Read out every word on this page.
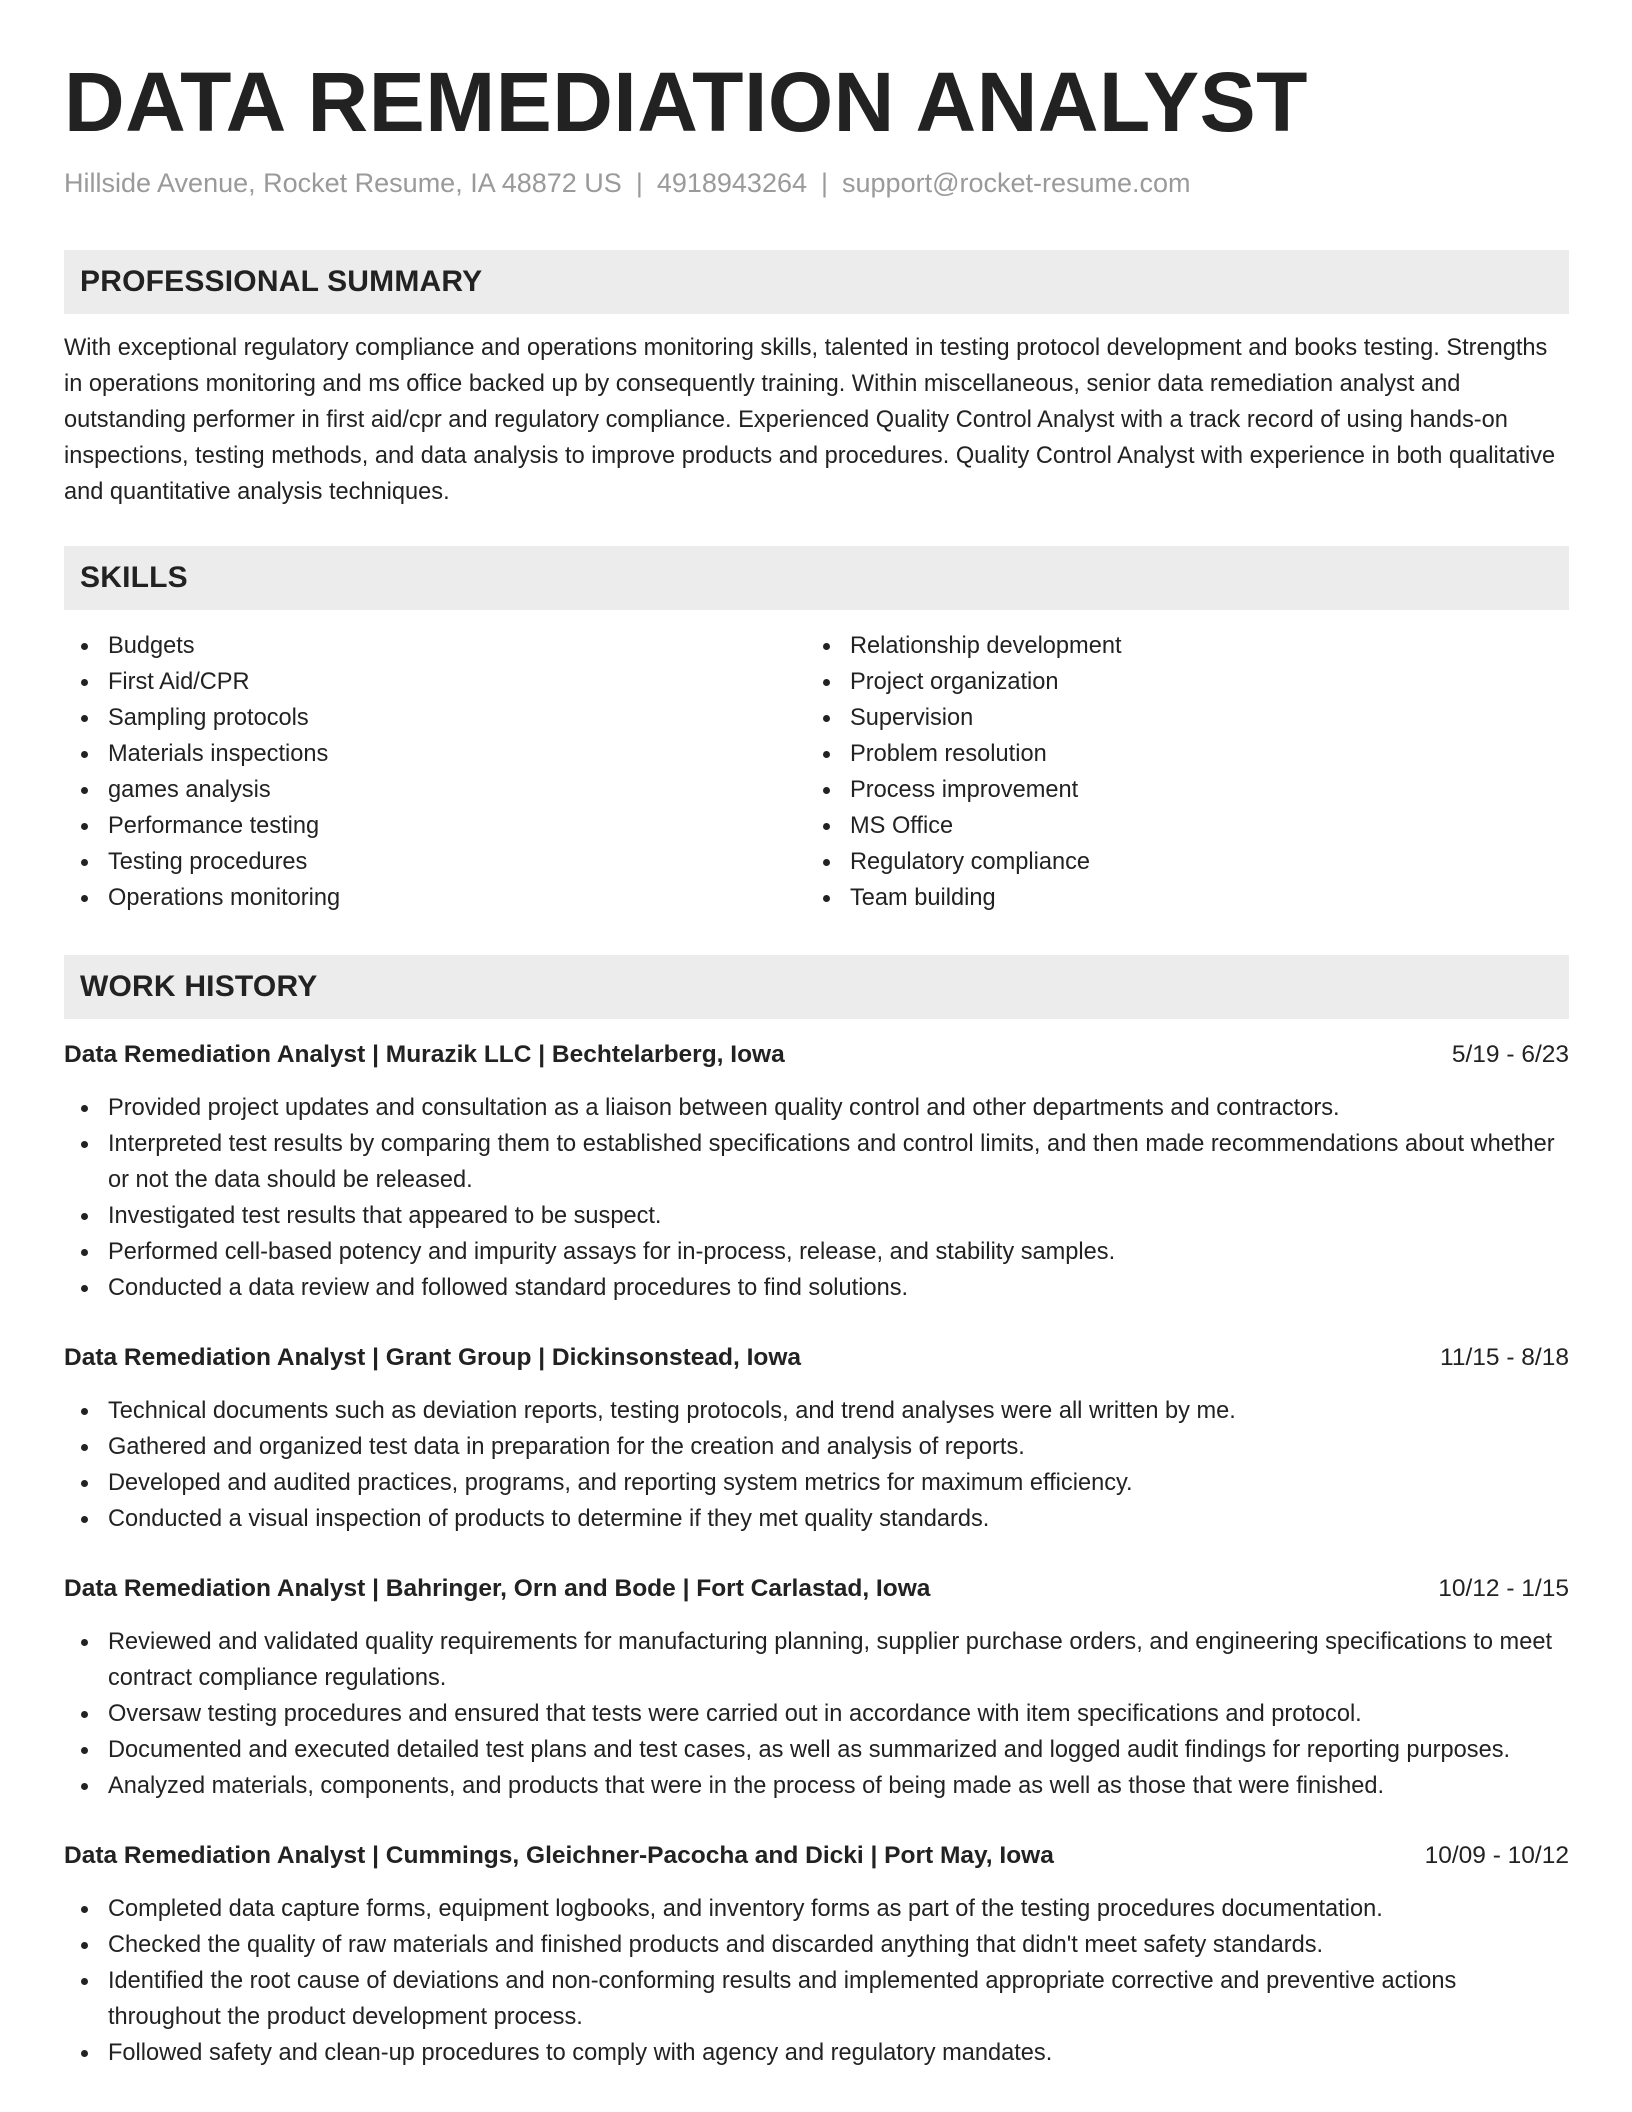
DATA REMEDIATION ANALYST
Hillside Avenue, Rocket Resume, IA 48872 US | 4918943264 | support@rocket-resume.com
PROFESSIONAL SUMMARY
With exceptional regulatory compliance and operations monitoring skills, talented in testing protocol development and books testing. Strengths in operations monitoring and ms office backed up by consequently training. Within miscellaneous, senior data remediation analyst and outstanding performer in first aid/cpr and regulatory compliance. Experienced Quality Control Analyst with a track record of using hands-on inspections, testing methods, and data analysis to improve products and procedures. Quality Control Analyst with experience in both qualitative and quantitative analysis techniques.
SKILLS
Budgets
First Aid/CPR
Sampling protocols
Materials inspections
games analysis
Performance testing
Testing procedures
Operations monitoring
Relationship development
Project organization
Supervision
Problem resolution
Process improvement
MS Office
Regulatory compliance
Team building
WORK HISTORY
Data Remediation Analyst | Murazik LLC | Bechtelarberg, Iowa	5/19 - 6/23
Provided project updates and consultation as a liaison between quality control and other departments and contractors.
Interpreted test results by comparing them to established specifications and control limits, and then made recommendations about whether or not the data should be released.
Investigated test results that appeared to be suspect.
Performed cell-based potency and impurity assays for in-process, release, and stability samples.
Conducted a data review and followed standard procedures to find solutions.
Data Remediation Analyst | Grant Group | Dickinsonstead, Iowa	11/15 - 8/18
Technical documents such as deviation reports, testing protocols, and trend analyses were all written by me.
Gathered and organized test data in preparation for the creation and analysis of reports.
Developed and audited practices, programs, and reporting system metrics for maximum efficiency.
Conducted a visual inspection of products to determine if they met quality standards.
Data Remediation Analyst | Bahringer, Orn and Bode | Fort Carlastad, Iowa	10/12 - 1/15
Reviewed and validated quality requirements for manufacturing planning, supplier purchase orders, and engineering specifications to meet contract compliance regulations.
Oversaw testing procedures and ensured that tests were carried out in accordance with item specifications and protocol.
Documented and executed detailed test plans and test cases, as well as summarized and logged audit findings for reporting purposes.
Analyzed materials, components, and products that were in the process of being made as well as those that were finished.
Data Remediation Analyst | Cummings, Gleichner-Pacocha and Dicki | Port May, Iowa	10/09 - 10/12
Completed data capture forms, equipment logbooks, and inventory forms as part of the testing procedures documentation.
Checked the quality of raw materials and finished products and discarded anything that didn't meet safety standards.
Identified the root cause of deviations and non-conforming results and implemented appropriate corrective and preventive actions throughout the product development process.
Followed safety and clean-up procedures to comply with agency and regulatory mandates.
